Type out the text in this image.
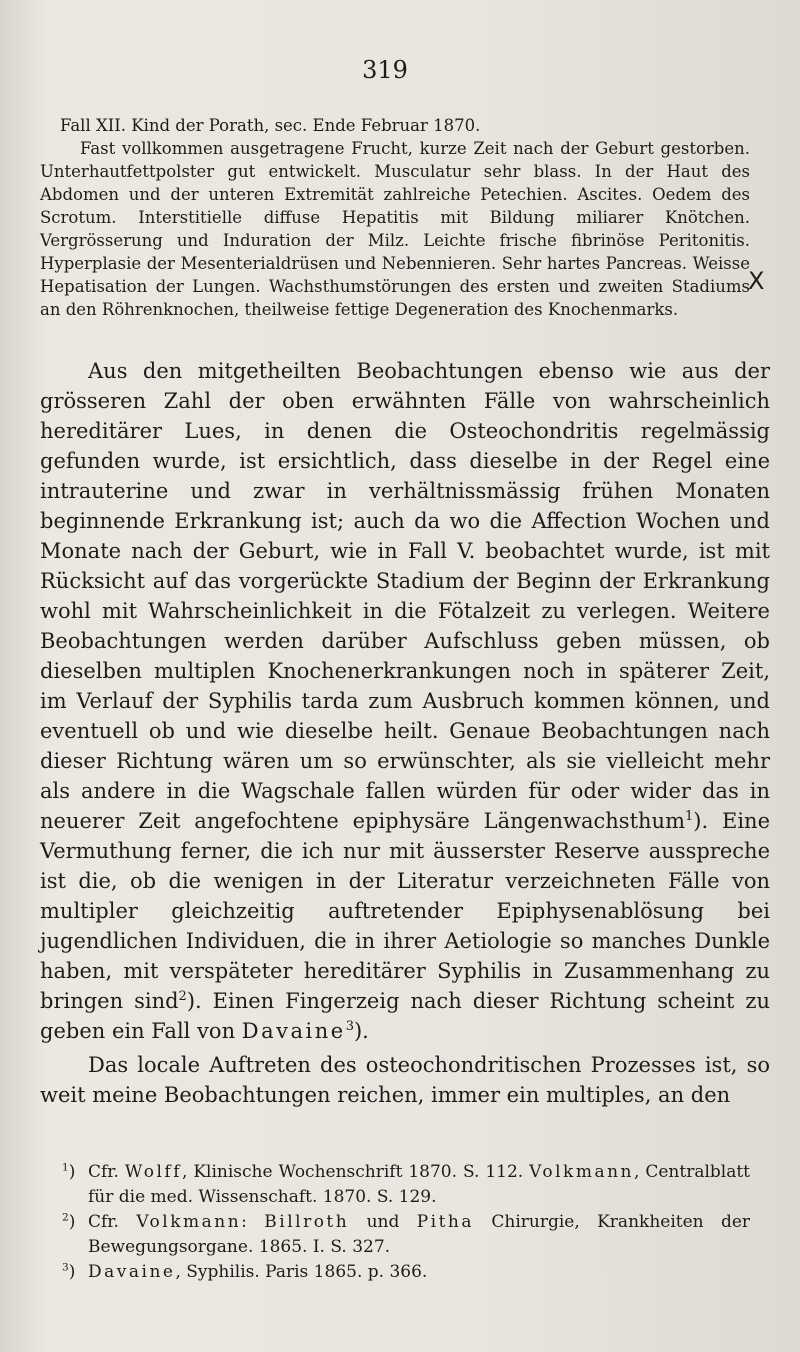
319

Fall XII. Kind der Porath, sec. Ende Februar 1870.

Fast vollkommen ausgetragene Frucht, kurze Zeit nach der Geburt gestorben. Unterhautfettpolster gut entwickelt. Musculatur sehr blass. In der Haut des Abdomen und der unteren Extremität zahlreiche Petechien. Ascites. Oedem des Scrotum. Interstitielle diffuse Hepatitis mit Bildung miliarer Knötchen. Vergrösserung und Induration der Milz. Leichte frische fibrinöse Peritonitis. Hyperplasie der Mesenterialdrüsen und Nebennieren. Sehr hartes Pancreas. Weisse Hepatisation der Lungen. Wachsthumstörungen des ersten und zweiten Stadiums an den Röhrenknochen, theilweise fettige Degeneration des Knochenmarks.

X

Aus den mitgetheilten Beobachtungen ebenso wie aus der grösseren Zahl der oben erwähnten Fälle von wahrscheinlich hereditärer Lues, in denen die Osteochondritis regelmässig gefunden wurde, ist ersichtlich, dass dieselbe in der Regel eine intrauterine und zwar in verhältnissmässig frühen Monaten beginnende Erkrankung ist; auch da wo die Affection Wochen und Monate nach der Geburt, wie in Fall V. beobachtet wurde, ist mit Rücksicht auf das vorgerückte Stadium der Beginn der Erkrankung wohl mit Wahrscheinlichkeit in die Fötalzeit zu verlegen. Weitere Beobachtungen werden darüber Aufschluss geben müssen, ob dieselben multiplen Knochenerkrankungen noch in späterer Zeit, im Verlauf der Syphilis tarda zum Ausbruch kommen können, und eventuell ob und wie dieselbe heilt. Genaue Beobachtungen nach dieser Richtung wären um so erwünschter, als sie vielleicht mehr als andere in die Wagschale fallen würden für oder wider das in neuerer Zeit angefochtene epiphysäre Längenwachsthum$^1$). Eine Vermuthung ferner, die ich nur mit äusserster Reserve ausspreche ist die, ob die wenigen in der Literatur verzeichneten Fälle von multipler gleichzeitig auftretender Epiphysenablösung bei jugendlichen Individuen, die in ihrer Aetiologie so manches Dunkle haben, mit verspäteter hereditärer Syphilis in Zusammenhang zu bringen sind$^2$). Einen Fingerzeig nach dieser Richtung scheint zu geben ein Fall von Davaine$^3$).

Das locale Auftreten des osteochondritischen Prozesses ist, so weit meine Beobachtungen reichen, immer ein multiples, an den

$^1$) Cfr. Wolff, Klinische Wochenschrift 1870. S. 112. Volkmann, Centralblatt für die med. Wissenschaft. 1870. S. 129.
$^2$) Cfr. Volkmann: Billroth und Pitha Chirurgie, Krankheiten der Bewegungsorgane. 1865. I. S. 327.
$^3$) Davaine, Syphilis. Paris 1865. p. 366.
